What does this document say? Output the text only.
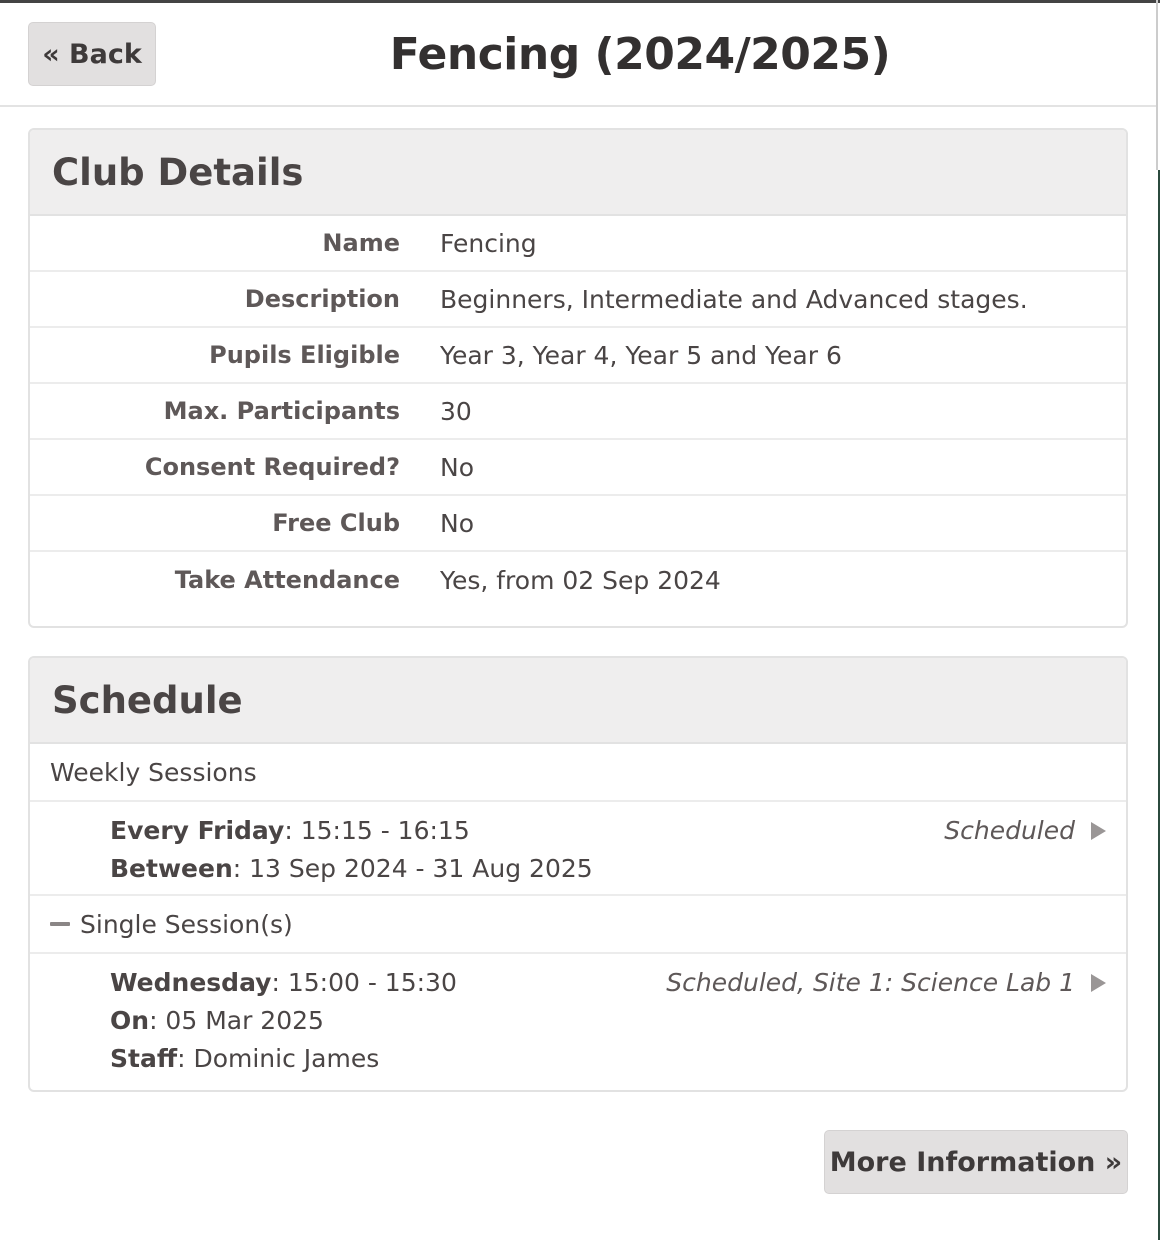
« Back	Fencing (2024/2025)
Club Details
Name Fencing
Description Beginners, Intermediate and Advanced stages.
Pupils Eligible Year 3, Year 4, Year 5 and Year 6
Max. Participants 30
Consent Required? No
Free Club No
Take Attendance Yes, from 02 Sep 2024
Schedule
Weekly Sessions
Every Friday: 15:15 - 16:15
Between: 13 Sep 2024 - 31 Aug 2025
Scheduled
Single Session(s)
Wednesday: 15:00 - 15:30
On: 05 Mar 2025
Staff: Dominic James
Scheduled, Site 1: Science Lab 1
More Information »
